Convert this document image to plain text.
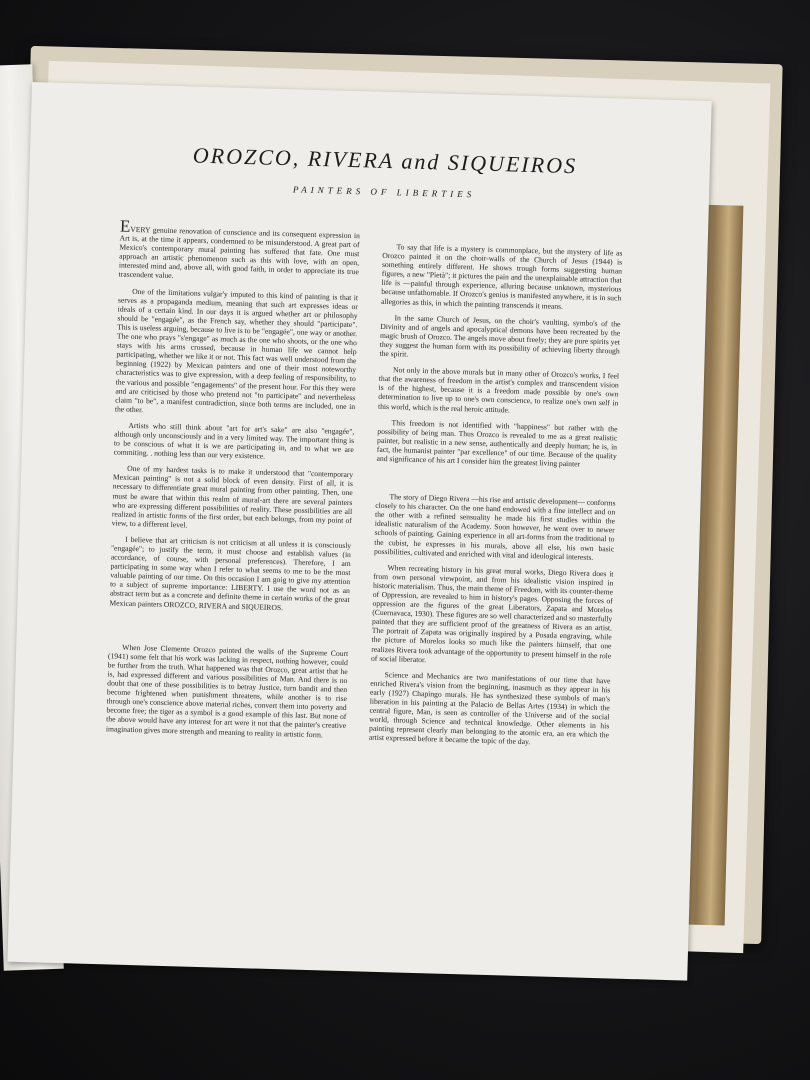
OROZCO, RIVERA and SIQUEIROS
PAINTERS OF LIBERTIES

EVERY genuine renovation of conscience and its consequent expression in Art is, at the time it appears, condemned to be misunderstood. A great part of Mexico's contemporary mural painting has suffered that fate. One must approach an artistic phenomenon such as this with love, with an open, interested mind and, above all, with good faith, in order to appreciate its true trascendent value.

One of the limitations vulgar'y imputed to this kind of painting is that it serves as a propaganda medium, meaning that such art expresses ideas or ideals of a certain kind. In our days it is argued whether art or philosophy should be "engagée", as the French say, whether they should "participate". This is useless arguing, because to live is to be "engagée", one way or another. The one who prays "s'engage" as much as the one who shoots, or the one who stays with his arms crossed, because in human life we cannot help participating, whether we like it or not. This fact was well understood from the beginning (1922) by Mexican painters and one of their most noteworthy characteristics was to give expression, with a deep feeling of responsibility, to the various and possible "engagements" of the present hour. For this they were and are criticised by those who pretend not "to participate" and nevertheless claim "to be", a manifest contradiction, since both terms are included, one in the other.

Artists who still think about "art for art's sake" are also "engagée", although only unconsciously and in a very limited way. The important thing is to be conscious of what it is we are participating in, and to what we are commiting. . nothing less than our very existence.

One of my hardest tasks is to make it understood that "contemporary Mexican painting" is not a solid block of even density. First of all, it is necessary to differentiate great mural painting from other painting. Then, one must be aware that within this realm of mural-art there are several painters who are expressing different possibilities of reality. These possibilities are all realized in artistic forms of the first order, but each belongs, from my point of view, to a different level.

I believe that art criticism is not criticism at all unless it is consciously "engagée"; to justify the term, it must choose and establish values (in accordance, of course, with personal preferences). Therefore, I am participating in some way when I refer to what seems to me to be the most valuable painting of our time. On this occasion I am goig to give my attention to a subject of supreme importance: LIBERTY. I use the word not as an abstract term but as a concrete and definite theme in certain works of the great Mexican painters OROZCO, RIVERA and SIQUEIROS.

When Jose Clemente Orozco painted the walls of the Supreme Court (1941) some felt that his work was lacking in respect, nothing however, could be further from the truth. What happened was that Orozco, great artist that he is, had expressed different and various possibilities of Man. And there is no doubt that one of these possibilities is to betray Justice, turn bandit and then become frightened when punishment threatens, while another is to rise through one's conscience above material riches, convert them into poverty and become free; the tiger as a symbol is a good example of this last. But none of the above would have any interest for art were it not that the painter's creative imagination gives more strength and meaning to reality in artistic form.

To say that life is a mystery is commonplace, but the mystery of life as Orozco painted it on the choir-walls of the Church of Jesus (1944) is something entirely different. He shows trough forms suggesting human figures, a new "Pietà"; it pictures the pain and the unexplainable attraction that life is —painful through experience, alluring because unknown, mysterious because unfathomable. If Orozco's genius is manifested anywhere, it is in such allegories as this, in which the painting transcends it means.

In the same Church of Jesus, on the choir's vaulting, symbo's of the Divinity and of angels and apocalyptical demons have been recreated by the magic brush of Orozco. The angels move about freely; they are pure spirits yet they suggest the human form with its possibility of achieving liberty through the spirit.

Not only in the above murals but in many other of Orozco's works, I feel that the awareness of freedom in the artist's complex and transcendent vision is of the highest, because it is a freedom made possible by one's own determination to live up to one's own conscience, to realize one's own self in this world, which is the real heroic attitude.

This freedom is not identified with "happiness" but rather with the possibility of being man. Thus Orozco is revealed to me as a great realistic painter, but realistic in a new sense, authentically and deeply human; he is, in fact, the humanist painter "par excellence" of our time. Because of the quality and significance of his art I consider him the greatest living painter

The story of Diego Rivera —his rise and artistic development— conforms closely to his character. On the one hand endowed with a fine intellect and on the other with a refined sensuality he made his first studies within the idealistic naturalism of the Academy. Soon however, he went over to newer schools of painting. Gaining experience in all art-forms from the traditional to the cubist, he expresses in his murals, above all else, his own basic possibilities, cultivated and enriched with vital and ideological interests.

When recreating history in his great mural works, Diego Rivera does it from own personal viewpoint, and from his idealistic vision inspired in historic materialism. Thus, the main theme of Freedom, with its counter-theme of Oppression, are revealed to him in history's pages. Opposing the forces of oppression are the figures of the great Liberators, Zapata and Morelos (Cuernavaca, 1930). These figures are so well characterized and so masterfully painted that they are sufficient proof of the greatness of Rivera as an artist. The portrait of Zapata was originally inspired by a Posada engraving, while the picture of Morelos looks so much like the painters himself, that one realizes Rivera took advantage of the opportunity to present himself in the role of social liberator.

Science and Mechanics are two manifestations of our time that have enriched Rivera's vision from the beginning, inasmuch as they appear in his early (1927) Chapingo murals. He has synthesized these symbols of man's liberation in his painting at the Palacio de Bellas Artes (1934) in which the central figure, Man, is seen as controller of the Universe and of the social world, through Science and technical knowledge. Other elements in his painting represent clearly man belonging to the atomic era, an era which the artist expressed before it became the topic of the day.
